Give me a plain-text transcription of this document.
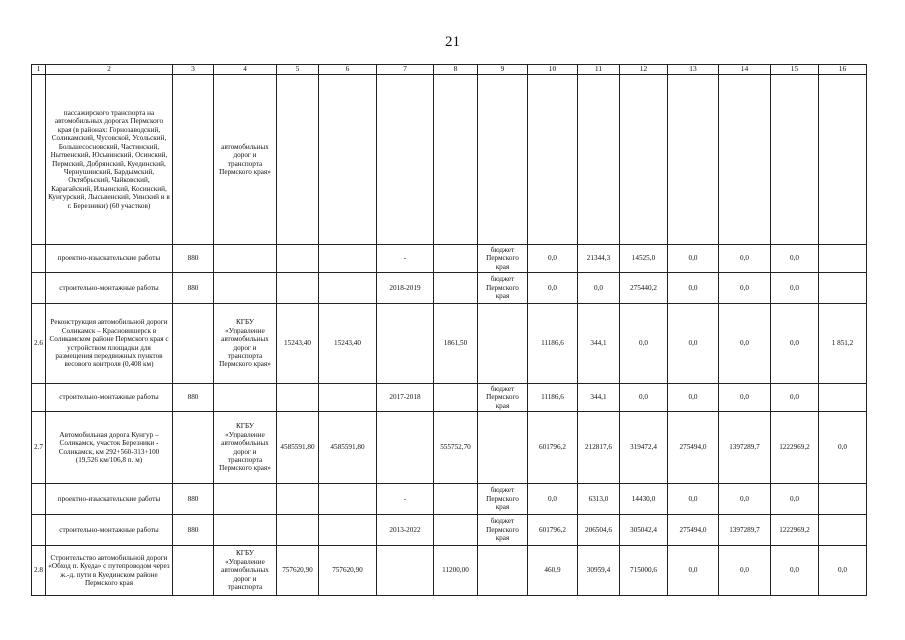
21
1	2	3	4	5	6	7	8	9	10	11	12	13	14	15	16
	пассажирского транспорта на автомобильных дорогах Пермского края (в районах: Горнозаводский, Соликамский, Чусовской, Усольский, Большесосновский, Частинский, Нытвенский, Юсьвинский, Осинский, Пермский, Добрянский, Куединский, Чернушинский, Бардымский, Октябрьский, Чайковский, Карагайский, Ильинский, Косинский, Кунгурский, Лысьвенский, Уинский и в г. Березники) (60 участков)		автомобильных дорог и транспорта Пермского края»												
	проектно-изыскательские работы	880				-		бюджет Пермского края	0,0	21344,3	14525,0	0,0	0,0	0,0	
	строительно-монтажные работы	880				2018-2019		бюджет Пермского края	0,0	0,0	275440,2	0,0	0,0	0,0	
2.6	Реконструкция автомобильной дороги Соликамск – Красновишерск в Соликамском районе Пермского края с устройством площадки для размещения передвижных пунктов весового контроля (0,408 км)		КГБУ «Управление автомобильных дорог и транспорта Пермского края»	15243,40	15243,40		1861,50		11186,6	344,1	0,0	0,0	0,0	0,0	1 851,2
	строительно-монтажные работы	880				2017-2018		бюджет Пермского края	11186,6	344,1	0,0	0,0	0,0	0,0	
2.7	Автомобильная дорога Кунгур – Соликамск, участок Березники - Соликамск, км 292+560-313+100 (19,526 км/106,8 п. м)		КГБУ «Управление автомобильных дорог и транспорта Пермского края»	4585591,80	4585591,80		555752,70		601796,2	212817,6	319472,4	275494,0	1397289,7	1222969,2	0,0
	проектно-изыскательские работы	880				-		бюджет Пермского края	0,0	6313,0	14430,0	0,0	0,0	0,0	
	строительно-монтажные работы	880				2013-2022		бюджет Пермского края	601796,2	206504,6	305042,4	275494,0	1397289,7	1222969,2	
2.8	Строительство автомобильной дороги «Обход п. Куеда» с путепроводом через ж.-д. пути в Куединском районе Пермского края		КГБУ «Управление автомобильных дорог и транспорта	757620,90	757620,90		11200,00		460,9	30959,4	715000,6	0,0	0,0	0,0	0,0
